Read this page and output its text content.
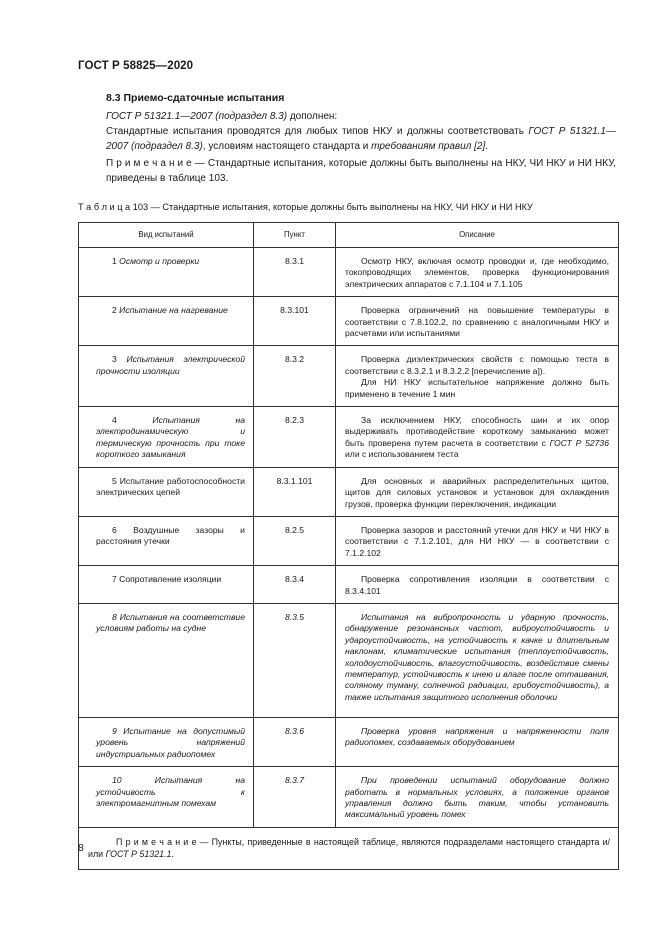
ГОСТ Р 58825—2020
8.3 Приемо-сдаточные испытания
ГОСТ Р 51321.1—2007 (подраздел 8.3) дополнен:
Стандартные испытания проводятся для любых типов НКУ и должны соответствовать ГОСТ Р 51321.1—2007 (подраздел 8.3), условиям настоящего стандарта и требованиям правил [2].
П р и м е ч а н и е — Стандартные испытания, которые должны быть выполнены на НКУ, ЧИ НКУ и НИ НКУ, приведены в таблице 103.
Т а б л и ц а 103 — Стандартные испытания, которые должны быть выполнены на НКУ, ЧИ НКУ и НИ НКУ
Вид испытаний	Пункт	Описание

1 Осмотр и проверки	8.3.1	Осмотр НКУ, включая осмотр проводки и, где необходимо, токопроводящих элементов, проверка функционирования электрических аппаратов с 7.1.104 и 7.1.105

2 Испытание на нагревание	8.3.101	Проверка ограничений на повышение температуры в соответствии с 7.8.102.2, по сравнению с аналогичными НКУ и расчетами или испытаниями

3 Испытания электрической прочности изоляции	8.3.2	Проверка диэлектрических свойств с помощью теста в соответствии с 8.3.2.1 и 8.3.2.2 [перечисление а]).
Для НИ НКУ испытательное напряжение должно быть применено в течение 1 мин

4 Испытания на электродинамическую и термическую прочность при токе короткого замыкания	8.2.3	За исключением НКУ, способность шин и их опор выдерживать противодействие короткому замыканию может быть проверена путем расчета в соответствии с ГОСТ Р 52736 или с использованием теста

5 Испытание работоспособности электрических цепей	8.3.1.101	Для основных и аварийных распределительных щитов, щитов для силовых установок и установок для охлаждения грузов, проверка функции переключения, индикации

6 Воздушные зазоры и расстояния утечки	8.2.5	Проверка зазоров и расстояний утечки для НКУ и ЧИ НКУ в соответствии с 7.1.2.101, для НИ НКУ — в соответствии с 7.1.2.102

7 Сопротивление изоляции	8.3.4	Проверка сопротивления изоляции в соответствии с 8.3.4.101

8 Испытания на соответствие условиям работы на судне	8.3.5	Испытания на вибропрочность и ударную прочность, обнаружение резонансных частот, виброустойчивость и удароустойчивость, на устойчивость к качке и длительным наклонам, климатические испытания (теплоустойчивость, холодоустойчивость, влагоустойчивость, воздействие смены температур, устойчивость к инею и влаге после оттаивания, соляному туману, солнечной радиации, грибоустойчивость), а также испытания защитного исполнения оболочки

9 Испытание на допустимый уровень напряжений индустриальных радиопомех	8.3.6	Проверка уровня напряжения и напряженности поля радиопомех, создаваемых оборудованием

10 Испытания на устойчивость к электромагнитным помехам	8.3.7	При проведении испытаний оборудование должно работать в нормальных условиях, а положение органов управления должно быть таким, чтобы установить максимальный уровень помех

П р и м е ч а н и е — Пункты, приведенные в настоящей таблице, являются подразделами настоящего стандарта и/или ГОСТ Р 51321.1.		
8
